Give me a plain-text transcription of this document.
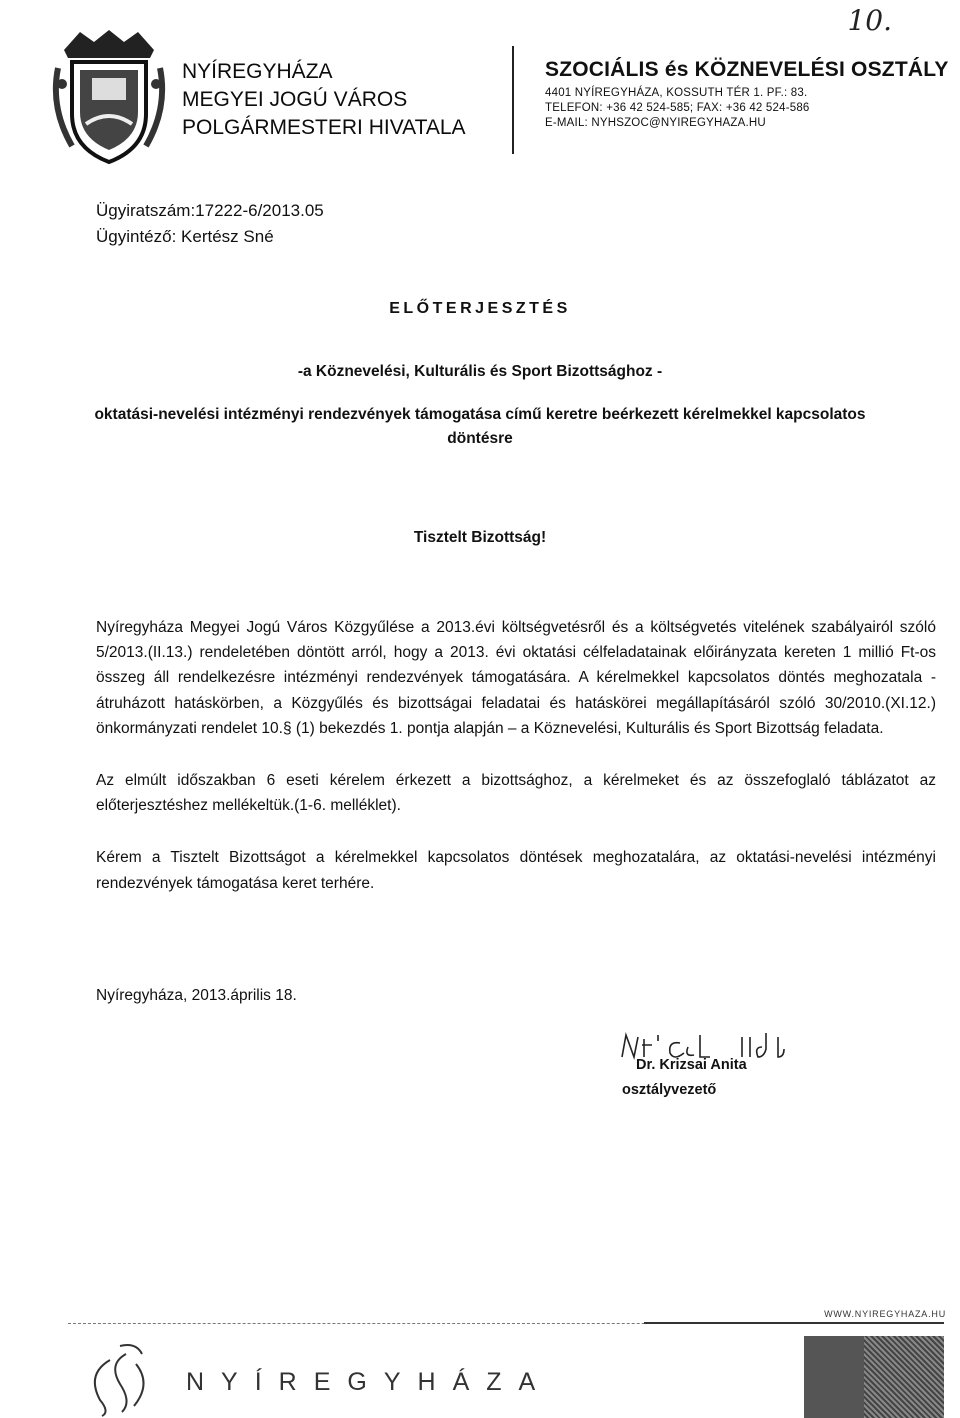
10.
NYÍREGYHÁZA
MEGYEI JOGÚ VÁROS
POLGÁRMESTERI HIVATALA
SZOCIÁLIS és KÖZNEVELÉSI OSZTÁLY
4401 NYÍREGYHÁZA, KOSSUTH TÉR 1. PF.: 83.
TELEFON: +36 42 524-585; FAX: +36 42 524-586
E-MAIL: NYHSZOC@NYIREGYHAZA.HU
Ügyiratszám:17222-6/2013.05
Ügyintéző: Kertész Sné
ELŐTERJESZTÉS
-a Köznevelési, Kulturális és Sport Bizottsághoz -
oktatási-nevelési intézményi rendezvények támogatása című keretre beérkezett kérelmekkel kapcsolatos döntésre
Tisztelt Bizottság!

Nyíregyháza Megyei Jogú Város Közgyűlése a 2013.évi költségvetésről és a költségvetés vitelének szabályairól szóló 5/2013.(II.13.) rendeletében döntött arról, hogy a 2013. évi oktatási célfeladatainak előirányzata kereten 1 millió Ft-os összeg áll rendelkezésre intézményi rendezvények támogatására. A kérelmekkel kapcsolatos döntés meghozatala - átruházott hatáskörben, a Közgyűlés és bizottságai feladatai és hatáskörei megállapításáról szóló 30/2010.(XI.12.) önkormányzati rendelet 10.§ (1) bekezdés 1. pontja alapján – a Köznevelési, Kulturális és Sport Bizottság feladata.

Az elmúlt időszakban 6 eseti kérelem érkezett a bizottsághoz, a kérelmeket és az összefoglaló táblázatot az előterjesztéshez mellékeltük.(1-6. melléklet).

Kérem a Tisztelt Bizottságot a kérelmekkel kapcsolatos döntések meghozatalára, az oktatási-nevelési intézményi rendezvények támogatása keret terhére.

Nyíregyháza, 2013.április 18.
Dr. Krizsai Anita
osztályvezető
WWW.NYIREGYHAZA.HU
NYÍREGYHÁZA
